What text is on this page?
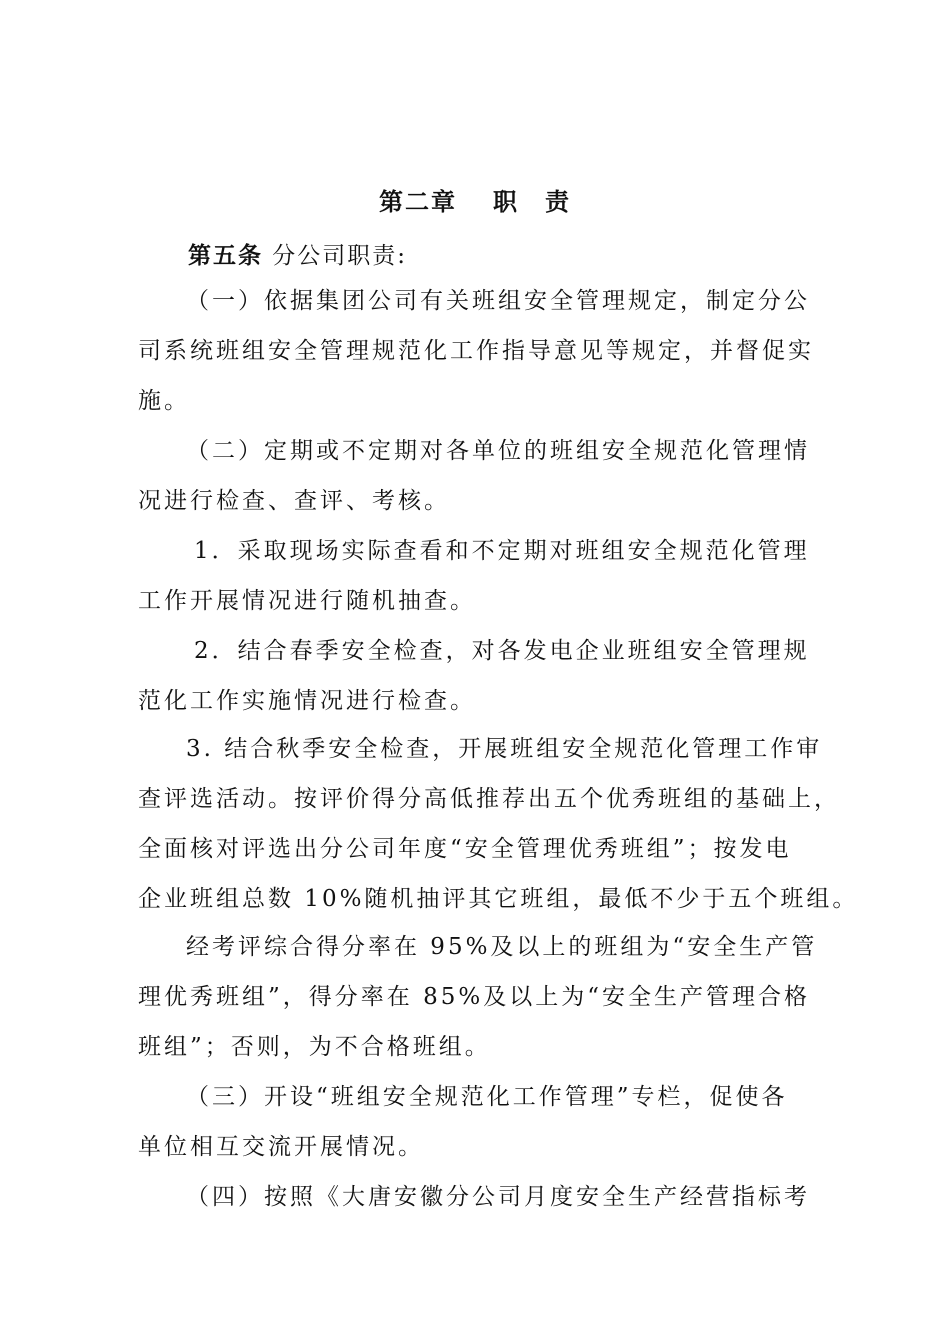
第二章 职　责
第五条 分公司职责:
（一）依据集团公司有关班组安全管理规定，制定分公
司系统班组安全管理规范化工作指导意见等规定，并督促实
施。
（二）定期或不定期对各单位的班组安全规范化管理情
况进行检查、查评、考核。
1．采取现场实际查看和不定期对班组安全规范化管理
工作开展情况进行随机抽查。
2．结合春季安全检查，对各发电企业班组安全管理规
范化工作实施情况进行检查。
3. 结合秋季安全检查，开展班组安全规范化管理工作审
查评选活动。按评价得分高低推荐出五个优秀班组的基础上，
全面核对评选出分公司年度“安全管理优秀班组”；按发电
企业班组总数 10%随机抽评其它班组，最低不少于五个班组。
经考评综合得分率在 95%及以上的班组为“安全生产管
理优秀班组”，得分率在 85%及以上为“安全生产管理合格
班组”；否则，为不合格班组。
（三）开设“班组安全规范化工作管理”专栏，促使各
单位相互交流开展情况。
（四）按照《大唐安徽分公司月度安全生产经营指标考
